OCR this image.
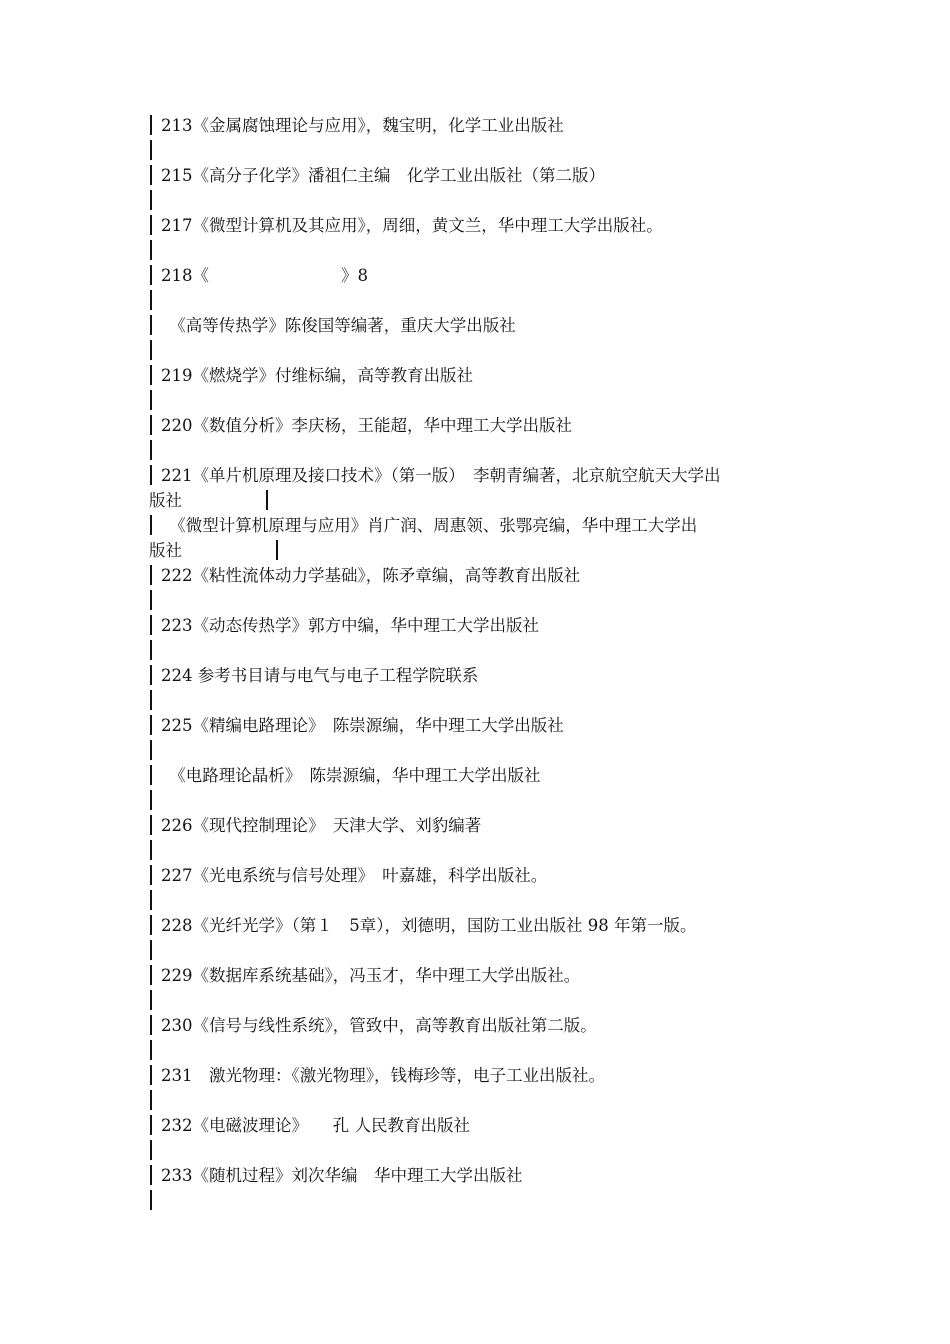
213《金属腐蚀理论与应用》，魏宝明，化学工业出版社
215《高分子化学》潘祖仁主编　化学工业出版社（第二版）
217《微型计算机及其应用》，周细，黄文兰，华中理工大学出版社。
218《　　　　　　　　》8
　《高等传热学》陈俊国等编著，重庆大学出版社
219《燃烧学》付维标编，高等教育出版社
220《数值分析》李庆杨，王能超，华中理工大学出版社
221《单片机原理及接口技术》（第一版）　李朝青编著，北京航空航天大学出
版社
　《微型计算机原理与应用》肖广润、周惠领、张鄂亮编，华中理工大学出
版社
222《粘性流体动力学基础》，陈矛章编，高等教育出版社
223《动态传热学》郭方中编，华中理工大学出版社
224 参考书目请与电气与电子工程学院联系
225《精编电路理论》　陈崇源编，华中理工大学出版社
　《电路理论晶析》　陈崇源编，华中理工大学出版社
226《现代控制理论》　天津大学、刘豹编著
227《光电系统与信号处理》　叶嘉雄，科学出版社。
228《光纤光学》（第１　5章），刘德明，国防工业出版社 98 年第一版。
229《数据库系统基础》，冯玉才，华中理工大学出版社。
230《信号与线性系统》，管致中，高等教育出版社第二版。
231　激光物理：《激光物理》，钱梅珍等，电子工业出版社。
232《电磁波理论》　　孔 人民教育出版社
233《随机过程》刘次华编　华中理工大学出版社
